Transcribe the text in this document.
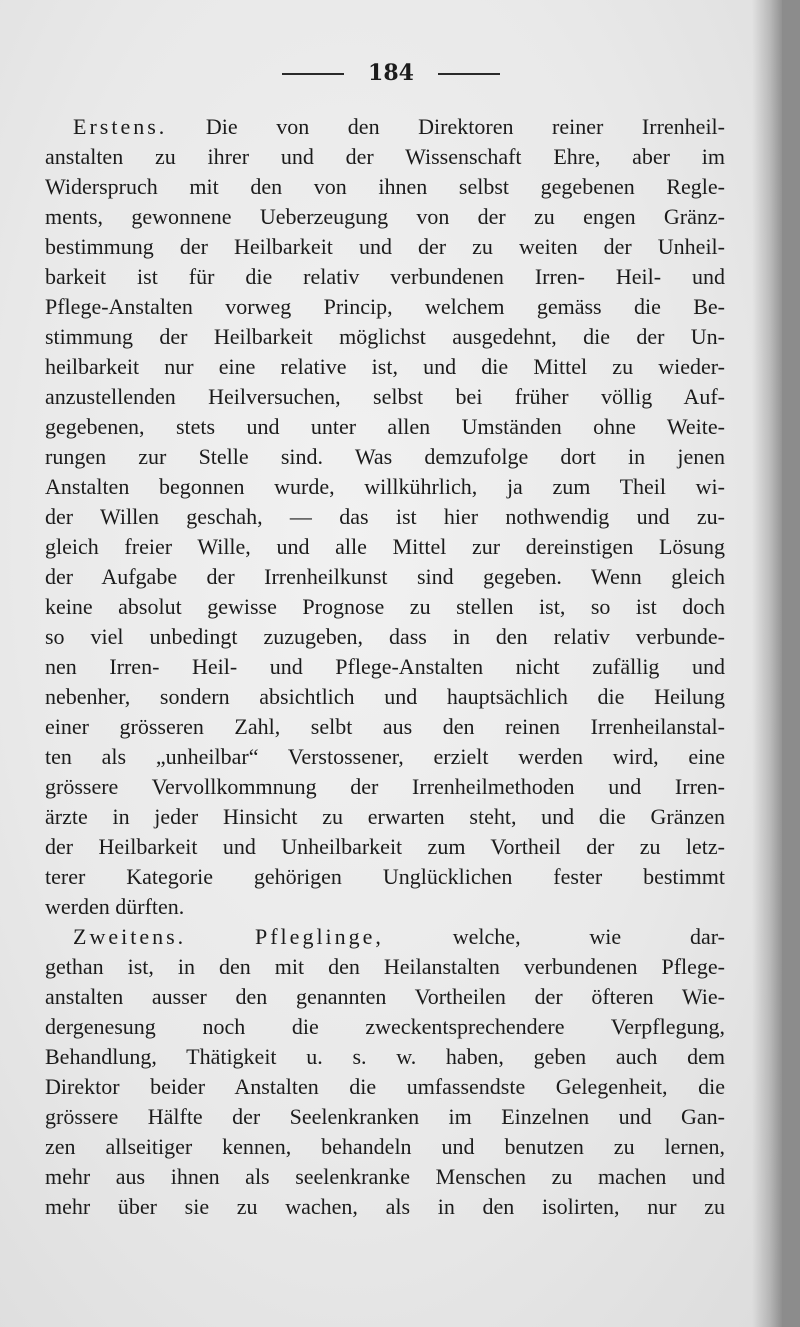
184
Erstens. Die von den Direktoren reiner Irrenheil-
anstalten zu ihrer und der Wissenschaft Ehre, aber im
Widerspruch mit den von ihnen selbst gegebenen Regle-
ments, gewonnene Ueberzeugung von der zu engen Gränz-
bestimmung der Heilbarkeit und der zu weiten der Unheil-
barkeit ist für die relativ verbundenen Irren- Heil- und
Pflege-Anstalten vorweg Princip, welchem gemäss die Be-
stimmung der Heilbarkeit möglichst ausgedehnt, die der Un-
heilbarkeit nur eine relative ist, und die Mittel zu wieder-
anzustellenden Heilversuchen, selbst bei früher völlig Auf-
gegebenen, stets und unter allen Umständen ohne Weite-
rungen zur Stelle sind. Was demzufolge dort in jenen
Anstalten begonnen wurde, willkührlich, ja zum Theil wi-
der Willen geschah, — das ist hier nothwendig und zu-
gleich freier Wille, und alle Mittel zur dereinstigen Lösung
der Aufgabe der Irrenheilkunst sind gegeben. Wenn gleich
keine absolut gewisse Prognose zu stellen ist, so ist doch
so viel unbedingt zuzugeben, dass in den relativ verbunde-
nen Irren- Heil- und Pflege-Anstalten nicht zufällig und
nebenher, sondern absichtlich und hauptsächlich die Heilung
einer grösseren Zahl, selbt aus den reinen Irrenheilanstal-
ten als „unheilbar“ Verstossener, erzielt werden wird, eine
grössere Vervollkommnung der Irrenheilmethoden und Irren-
ärzte in jeder Hinsicht zu erwarten steht, und die Gränzen
der Heilbarkeit und Unheilbarkeit zum Vortheil der zu letz-
terer Kategorie gehörigen Unglücklichen fester bestimmt
werden dürften.
Zweitens.	Pfleglinge,	welche, wie dar-
gethan ist, in den mit den Heilanstalten verbundenen Pflege-
anstalten ausser den genannten Vortheilen der öfteren Wie-
dergenesung noch die zweckentsprechendere Verpflegung,
Behandlung, Thätigkeit u. s. w. haben, geben auch dem
Direktor beider Anstalten die umfassendste Gelegenheit, die
grössere Hälfte der Seelenkranken im Einzelnen und Gan-
zen allseitiger kennen, behandeln und benutzen zu lernen,
mehr aus ihnen als seelenkranke Menschen zu machen und
mehr über sie zu wachen, als in den isolirten, nur zu
